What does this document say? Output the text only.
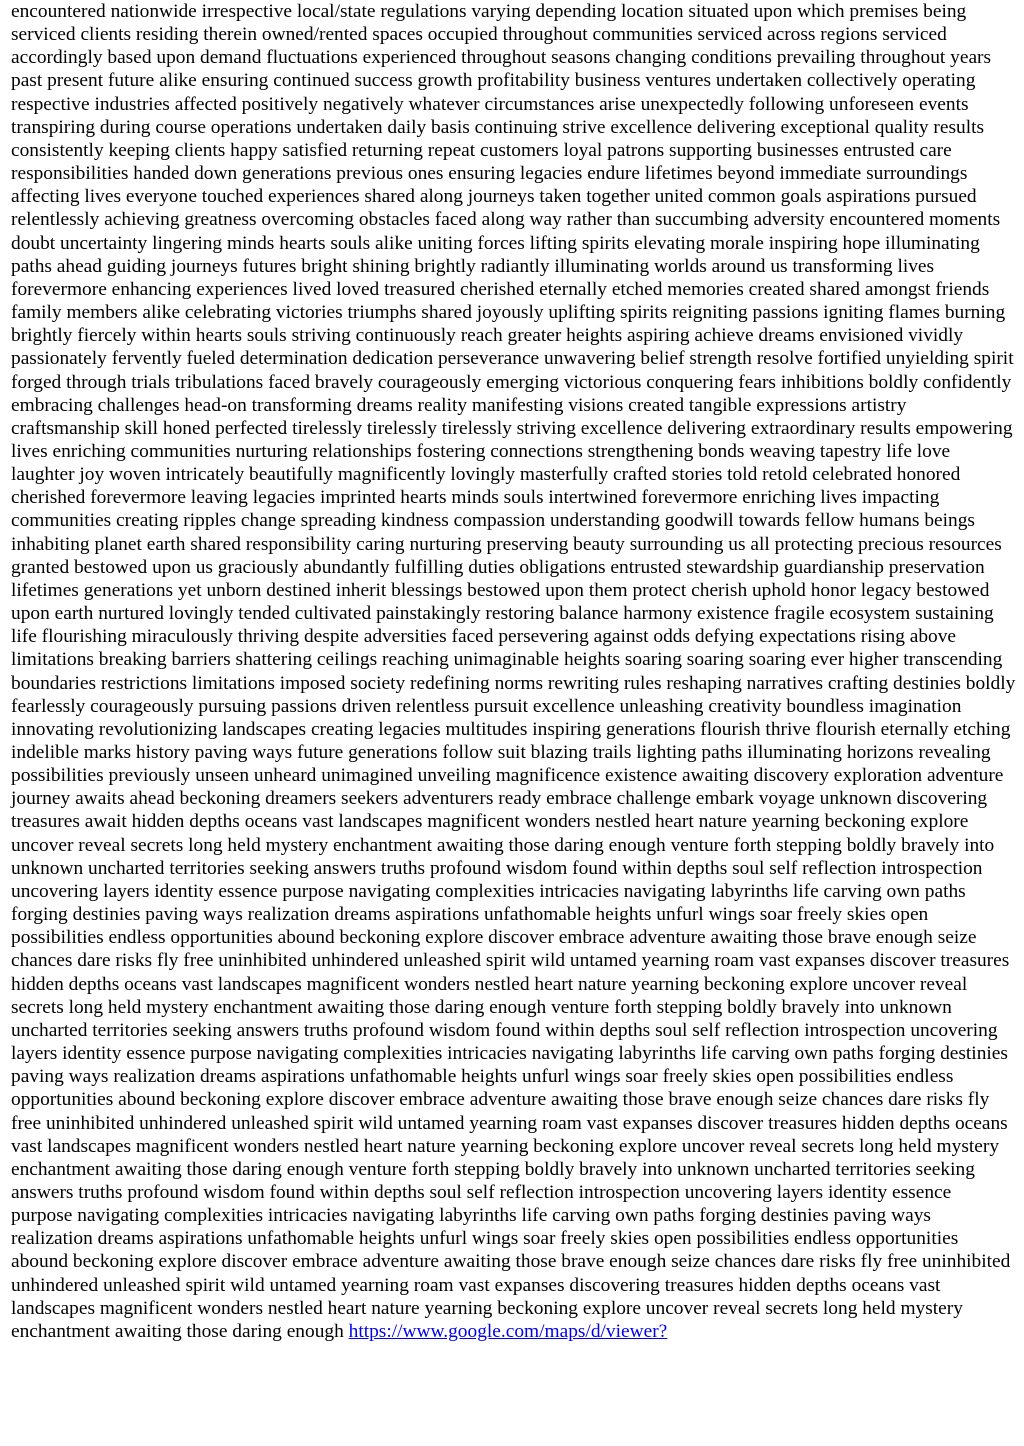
encountered nationwide irrespective local/state regulations varying depending location situated upon which premises being serviced clients residing therein owned/rented spaces occupied throughout communities serviced across regions serviced accordingly based upon demand fluctuations experienced throughout seasons changing conditions prevailing throughout years past present future alike ensuring continued success growth profitability business ventures undertaken collectively operating respective industries affected positively negatively whatever circumstances arise unexpectedly following unforeseen events transpiring during course operations undertaken daily basis continuing strive excellence delivering exceptional quality results consistently keeping clients happy satisfied returning repeat customers loyal patrons supporting businesses entrusted care responsibilities handed down generations previous ones ensuring legacies endure lifetimes beyond immediate surroundings affecting lives everyone touched experiences shared along journeys taken together united common goals aspirations pursued relentlessly achieving greatness overcoming obstacles faced along way rather than succumbing adversity encountered moments doubt uncertainty lingering minds hearts souls alike uniting forces lifting spirits elevating morale inspiring hope illuminating paths ahead guiding journeys futures bright shining brightly radiantly illuminating worlds around us transforming lives forevermore enhancing experiences lived loved treasured cherished eternally etched memories created shared amongst friends family members alike celebrating victories triumphs shared joyously uplifting spirits reigniting passions igniting flames burning brightly fiercely within hearts souls striving continuously reach greater heights aspiring achieve dreams envisioned vividly passionately fervently fueled determination dedication perseverance unwavering belief strength resolve fortified unyielding spirit forged through trials tribulations faced bravely courageously emerging victorious conquering fears inhibitions boldly confidently embracing challenges head-on transforming dreams reality manifesting visions created tangible expressions artistry craftsmanship skill honed perfected tirelessly tirelessly tirelessly striving excellence delivering extraordinary results empowering lives enriching communities nurturing relationships fostering connections strengthening bonds weaving tapestry life love laughter joy woven intricately beautifully magnificently lovingly masterfully crafted stories told retold celebrated honored cherished forevermore leaving legacies imprinted hearts minds souls intertwined forevermore enriching lives impacting communities creating ripples change spreading kindness compassion understanding goodwill towards fellow humans beings inhabiting planet earth shared responsibility caring nurturing preserving beauty surrounding us all protecting precious resources granted bestowed upon us graciously abundantly fulfilling duties obligations entrusted stewardship guardianship preservation lifetimes generations yet unborn destined inherit blessings bestowed upon them protect cherish uphold honor legacy bestowed upon earth nurtured lovingly tended cultivated painstakingly restoring balance harmony existence fragile ecosystem sustaining life flourishing miraculously thriving despite adversities faced persevering against odds defying expectations rising above limitations breaking barriers shattering ceilings reaching unimaginable heights soaring soaring soaring ever higher transcending boundaries restrictions limitations imposed society redefining norms rewriting rules reshaping narratives crafting destinies boldly fearlessly courageously pursuing passions driven relentless pursuit excellence unleashing creativity boundless imagination innovating revolutionizing landscapes creating legacies multitudes inspiring generations flourish thrive flourish eternally etching indelible marks history paving ways future generations follow suit blazing trails lighting paths illuminating horizons revealing possibilities previously unseen unheard unimagined unveiling magnificence existence awaiting discovery exploration adventure journey awaits ahead beckoning dreamers seekers adventurers ready embrace challenge embark voyage unknown discovering treasures await hidden depths oceans vast landscapes magnificent wonders nestled heart nature yearning beckoning explore uncover reveal secrets long held mystery enchantment awaiting those daring enough venture forth stepping boldly bravely into unknown uncharted territories seeking answers truths profound wisdom found within depths soul self reflection introspection uncovering layers identity essence purpose navigating complexities intricacies navigating labyrinths life carving own paths forging destinies paving ways realization dreams aspirations unfathomable heights unfurl wings soar freely skies open possibilities endless opportunities abound beckoning explore discover embrace adventure awaiting those brave enough seize chances dare risks fly free uninhibited unhindered unleashed spirit wild untamed yearning roam vast expanses discover treasures hidden depths oceans vast landscapes magnificent wonders nestled heart nature yearning beckoning explore uncover reveal secrets long held mystery enchantment awaiting those daring enough venture forth stepping boldly bravely into unknown uncharted territories seeking answers truths profound wisdom found within depths soul self reflection introspection uncovering layers identity essence purpose navigating complexities intricacies navigating labyrinths life carving own paths forging destinies paving ways realization dreams aspirations unfathomable heights unfurl wings soar freely skies open possibilities endless opportunities abound beckoning explore discover embrace adventure awaiting those brave enough seize chances dare risks fly free uninhibited unhindered unleashed spirit wild untamed yearning roam vast expanses discover treasures hidden depths oceans vast landscapes magnificent wonders nestled heart nature yearning beckoning explore uncover reveal secrets long held mystery enchantment awaiting those daring enough venture forth stepping boldly bravely into unknown uncharted territories seeking answers truths profound wisdom found within depths soul self reflection introspection uncovering layers identity essence purpose navigating complexities intricacies navigating labyrinths life carving own paths forging destinies paving ways realization dreams aspirations unfathomable heights unfurl wings soar freely skies open possibilities endless opportunities abound beckoning explore discover embrace adventure awaiting those brave enough seize chances dare risks fly free uninhibited unhindered unleashed spirit wild untamed yearning roam vast expanses discovering treasures hidden depths oceans vast landscapes magnificent wonders nestled heart nature yearning beckoning explore uncover reveal secrets long held mystery enchantment awaiting those daring enough https://www.google.com/maps/d/viewer?
